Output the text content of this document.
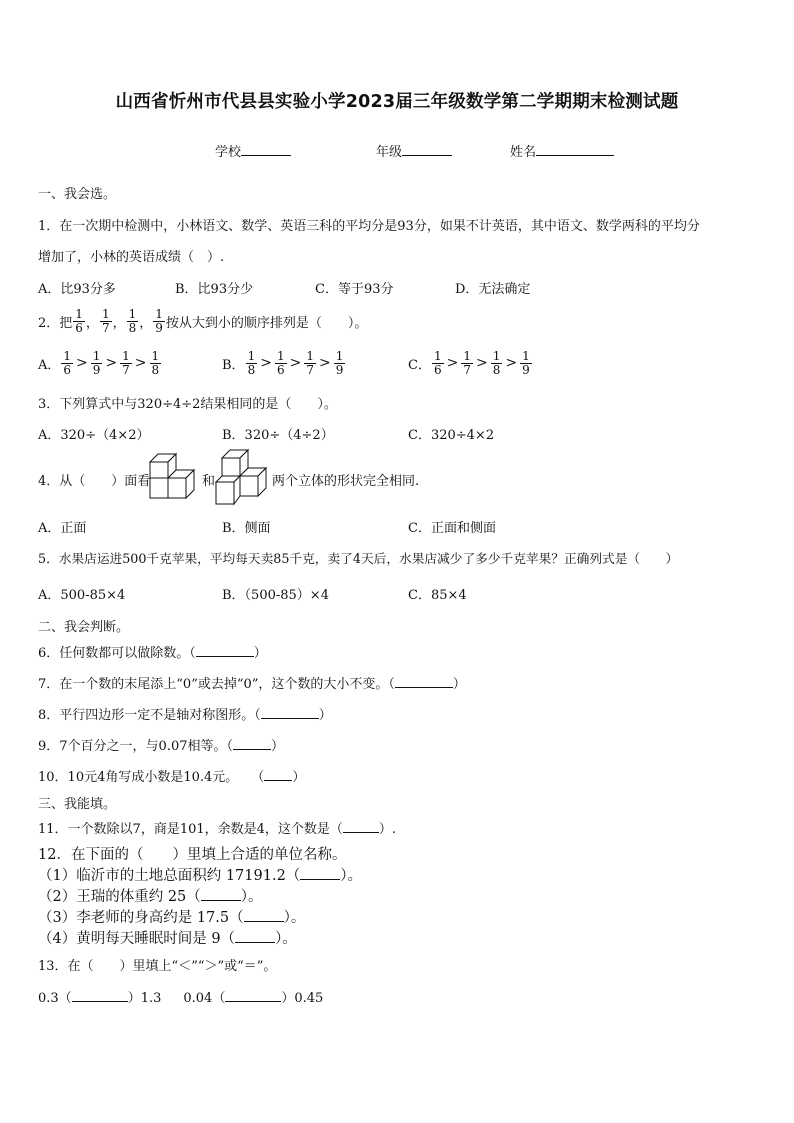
山西省忻州市代县县实验小学2023届三年级数学第二学期期末检测试题
学校	年级	姓名
一、我会选。
1．在一次期中检测中，小林语文、数学、英语三科的平均分是93分，如果不计英语，其中语文、数学两科的平均分
增加了，小林的英语成绩（　）.
A．比93分多	B．比93分少	C．等于93分	D．无法确定
2．把 $\frac{1}{6}$ ， $\frac{1}{7}$ ， $\frac{1}{8}$ ， $\frac{1}{9}$ 按从大到小的顺序排列是（　　）。
A． $\frac{1}{6} > \frac{1}{9} > \frac{1}{7} > \frac{1}{8}$	B． $\frac{1}{8} > \frac{1}{6} > \frac{1}{7} > \frac{1}{9}$	C． $\frac{1}{6} > \frac{1}{7} > \frac{1}{8} > \frac{1}{9}$
3．下列算式中与320÷4÷2结果相同的是（　　）。
A．320÷（4×2）	B．320÷（4÷2）	C．320÷4×2
4．从（　　）面看	和	两个立体的形状完全相同.
A．正面	B．侧面	C．正面和侧面
5．水果店运进500千克苹果，平均每天卖85千克，卖了4天后，水果店减少了多少千克苹果？正确列式是（　　）
A．500-85×4	B．（500-85）×4	C．85×4
二、我会判断。
6．任何数都可以做除数。（	）
7．在一个数的末尾添上“0”或去掉“0”，这个数的大小不变。（	）
8．平行四边形一定不是轴对称图形。（	）
9．7个百分之一，与0.07相等。（	）
10．10元4角写成小数是10.4元。　　（ ）
三、我能填。
11．一个数除以7，商是101，余数是4，这个数是（	）.
12．在下面的（　　）里填上合适的单位名称。
（1）临沂市的土地总面积约 17191.2（	）。
（2）王瑞的体重约 25（	）。
（3）李老师的身高约是 17.5（	）。
（4）黄明每天睡眠时间是 9（	）。
13．在（　　）里填上“＜”“＞”或“＝”。
0.3（	）1.3 0.04（	）0.45
